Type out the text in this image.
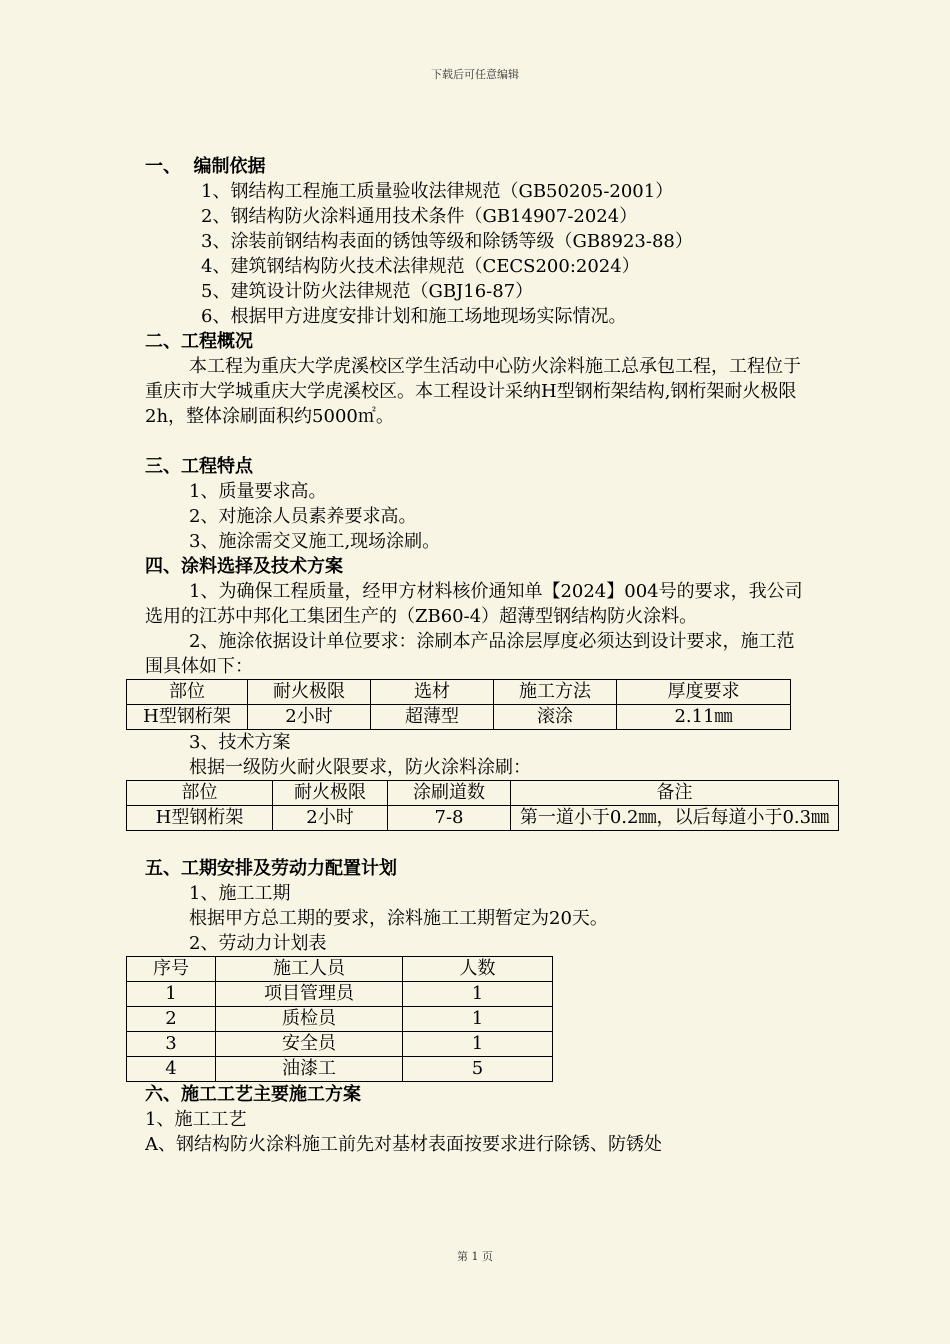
下载后可任意编辑
一、  编制依据
1、钢结构工程施工质量验收法律规范（GB50205-2001）
2、钢结构防火涂料通用技术条件（GB14907-2024）
3、涂装前钢结构表面的锈蚀等级和除锈等级（GB8923-88）
4、建筑钢结构防火技术法律规范（CECS200:2024）
5、建筑设计防火法律规范（GBJ16-87）
6、根据甲方进度安排计划和施工场地现场实际情况。
二、工程概况
本工程为重庆大学虎溪校区学生活动中心防火涂料施工总承包工程，工程位于重庆市大学城重庆大学虎溪校区。本工程设计采纳H型钢桁架结构,钢桁架耐火极限2h，整体涂刷面积约5000㎡。
三、工程特点
1、质量要求高。
2、对施涂人员素养要求高。
3、施涂需交叉施工,现场涂刷。
四、涂料选择及技术方案
1、为确保工程质量，经甲方材料核价通知单【2024】004号的要求，我公司选用的江苏中邦化工集团生产的（ZB60-4）超薄型钢结构防火涂料。
2、施涂依据设计单位要求：涂刷本产品涂层厚度必须达到设计要求，施工范围具体如下：
部位	耐火极限	选材	施工方法	厚度要求
H型钢桁架	2小时	超薄型	滚涂	2.11㎜
3、技术方案
根据一级防火耐火限要求，防火涂料涂刷：
部位	耐火极限	涂刷道数	备注
H型钢桁架	2小时	7-8	第一道小于0.2㎜，以后每道小于0.3㎜
五、工期安排及劳动力配置计划
1、施工工期
根据甲方总工期的要求，涂料施工工期暂定为20天。
2、劳动力计划表
序号	施工人员	人数
1	项目管理员	1
2	质检员	1
3	安全员	1
4	油漆工	5
六、施工工艺主要施工方案
1、施工工艺
A、钢结构防火涂料施工前先对基材表面按要求进行除锈、防锈处
第 1 页
